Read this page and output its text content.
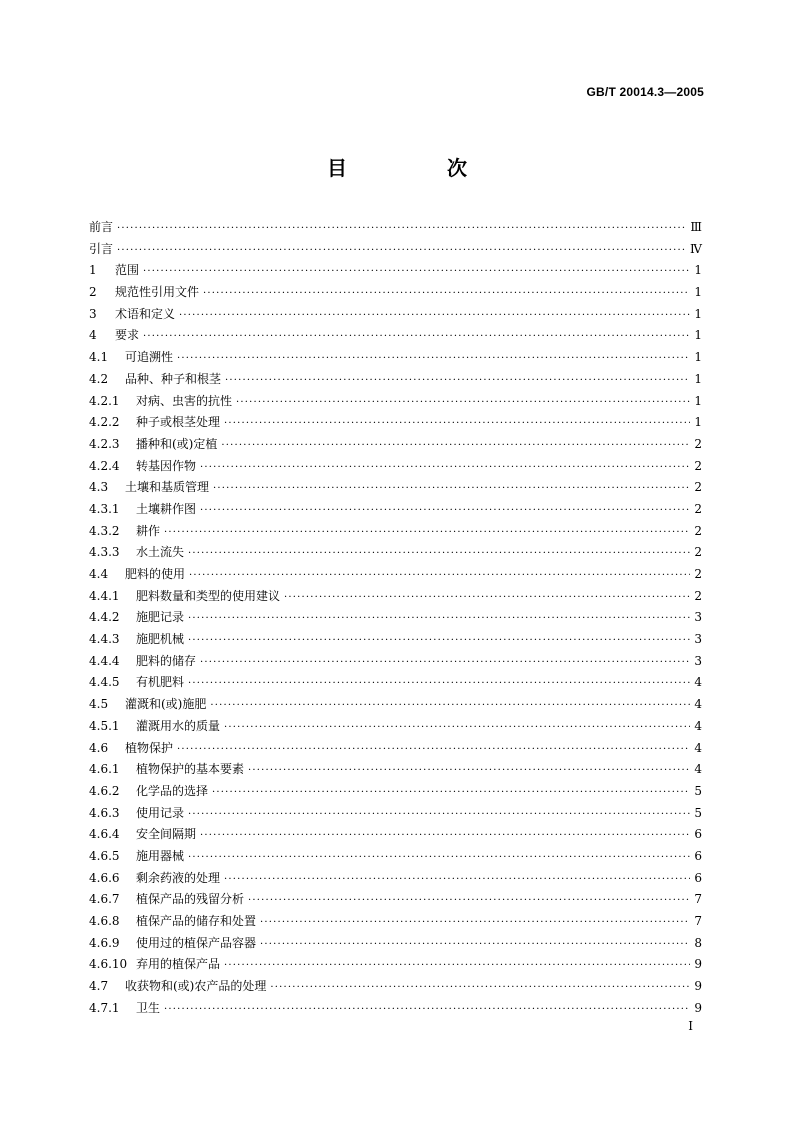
GB/T 20014.3—2005
目　次
前言 ·····	Ⅲ
引言 ·····	Ⅳ
1	范围 ·····	1
2	规范性引用文件 ·····	1
3	术语和定义 ·····	1
4	要求 ·····	1
4.1	可追溯性 ·····	1
4.2	品种、种子和根茎 ·····	1
4.2.1	对病、虫害的抗性 ·····	1
4.2.2	种子或根茎处理 ·····	1
4.2.3	播种和(或)定植 ·····	2
4.2.4	转基因作物 ·····	2
4.3	土壤和基质管理 ·····	2
4.3.1	土壤耕作图 ·····	2
4.3.2	耕作 ·····	2
4.3.3	水土流失 ·····	2
4.4	肥料的使用 ·····	2
4.4.1	肥料数量和类型的使用建议 ·····	2
4.4.2	施肥记录 ·····	3
4.4.3	施肥机械 ·····	3
4.4.4	肥料的储存 ·····	3
4.4.5	有机肥料 ·····	4
4.5	灌溉和(或)施肥 ·····	4
4.5.1	灌溉用水的质量 ·····	4
4.6	植物保护 ·····	4
4.6.1	植物保护的基本要素 ·····	4
4.6.2	化学品的选择 ·····	5
4.6.3	使用记录 ·····	5
4.6.4	安全间隔期 ·····	6
4.6.5	施用器械 ·····	6
4.6.6	剩余药液的处理 ·····	6
4.6.7	植保产品的残留分析 ·····	7
4.6.8	植保产品的储存和处置 ·····	7
4.6.9	使用过的植保产品容器 ·····	8
4.6.10 弃用的植保产品 ·····	9
4.7	收获物和(或)农产品的处理 ·····	9
4.7.1	卫生 ·····	9
I
